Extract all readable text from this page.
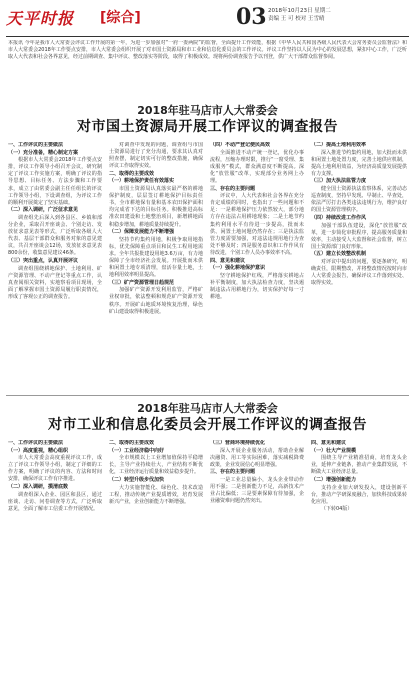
天平时报 [综合]	03 2018年10月23日 星期二
责编 王 可 校对 王雪晴
本报讯 今年是我市人大常委会评议工作开展的第一年，为进一步加强对“一府一委两院”的监督，全面提升工作效能，根据《中华人民共和国各级人民代表大会常务委员会监督法》和市人大常委会2018年工作要点安排，市人大常委会组织开展了对市国土资源局和市工业和信息化委员会的工作评议。评议工作坚持以人民为中心的发展思想，紧扣中心工作，广泛听取人大代表和社会各界意见，经过前期调查、集中评议、整改落实等阶段，取得了积极成效。现将两份调查报告予以刊登，供广大干部群众监督参阅。
2018年驻马店市人大常委会
对市国土资源局开展工作评议的调查报告

一、工作评议的主要做法

（一）充分准备，精心制定方案

根据市人大常委会2018年工作要点安排，评议工作领导小组召开会议，研究制定了评议工作实施方案，明确了评议的指导思想、目标任务、方法步骤和工作要求，成立了由常委会副主任任组长的评议工作领导小组，下设调查组，为评议工作的顺利开展奠定了坚实基础。

（二）深入调研，广泛征求意见

调查组先后深入到各县区、乡镇和部分企业，采取召开座谈会、个别走访、发放征求意见表等形式，广泛听取各级人大代表、基层干部群众和服务对象的意见建议，共召开座谈会12场，发放征求意见表800余份，收集意见建议46条。

（三）突出重点，认真开展评议

调查组围绕耕地保护、土地利用、矿产资源管理、不动产登记等重点工作，认真查阅相关资料，实地察看项目现场，全面了解掌握市国土资源局履行职责情况，形成了客观公正的调查报告。

对调查中发现的问题，调查组与市国土资源局进行了充分沟通，要求其认真对照查摆，制定切实可行的整改措施，确保评议工作取得实效。

二、取得的主要成效

（一）耕地保护责任有效落实

市国土资源局认真落实最严格的耕地保护制度，层层签订耕地保护目标责任书，全市耕地保有量和基本农田保护面积均完成省下达的目标任务。积极推进高标准农田建设和土地整治项目，新增耕地面积稳步增加，耕地质量持续提升。

（二）保障发展能力不断增强

坚持节约集约用地，积极争取用地指标，优先保障重点项目和民生工程用地需求。全年共报批建设用地3.6万亩，有力地保障了全市经济社会发展。开展批而未供和闲置土地专项清理，盘活存量土地，土地利用效率明显提高。

（三）矿产资源管理日趋规范

加强矿产资源开发利用监管，严格矿业权审批，依法整顿和规范矿产资源开发秩序。开展矿山地质环境恢复治理，绿色矿山建设取得积极进展。

（四）不动产登记便民高效

全面推进不动产统一登记，优化办事流程，压缩办理时限，推行“一窗受理、集成服务”模式，群众满意度不断提高。深化“放管服”改革，实现部分业务网上办理。

三、存在的主要问题

评议中，人大代表和社会各界在充分肯定成绩的同时，也指出了一些问题和不足：一是耕地保护压力依然较大，部分地方存在违法占用耕地现象；二是土地节约集约利用水平有待进一步提高，批而未供、闲置土地问题仍然存在；三是执法监管力度需要加强，对违法违规用地行为查处不够及时；四是服务意识和工作作风有待改进，个别工作人员办事效率不高。

四、意见和建议

（一）强化耕地保护意识

坚守耕地保护红线，严格落实耕地占补平衡制度，加大执法检查力度，坚决遏制违法占用耕地行为，切实保护好每一寸耕地。

（二）提高土地利用效率

深入推进节约集约用地，加大批而未供和闲置土地处置力度，完善土地供应机制，提高土地利用效益，为经济高质量发展提供有力支撑。

（三）加大执法监管力度

健全国土资源执法监察体系，完善动态巡查制度，坚持早发现、早制止、早查处，依法严厉打击各类违法违规行为，维护良好的国土资源管理秩序。

（四）持续改进工作作风

加强干部队伍建设，深化“放管服”改革，进一步简化审批程序，提高服务质量和效率，主动接受人大监督和社会监督，树立国土资源部门良好形象。

（五）建立长效整改机制

对评议中提出的问题，要逐条研究，明确责任，限期整改，并将整改情况按时向市人大常委会报告，确保评议工作落到实处、取得实效。

2018年驻马店市人大常委会
对市工业和信息化委员会开展工作评议的调查报告

一、工作评议的主要做法

（一）高度重视，精心组织

市人大常委会高度重视评议工作，成立了评议工作领导小组，制定了详细的工作方案，明确了评议的内容、方法和时间安排，确保评议工作有序推进。

（二）深入调研，摸清底数

调查组深入企业、园区和县区，通过座谈、走访、问卷调查等方式，广泛听取意见，全面了解市工信委工作开展情况。

二、取得的主要成效

（一）工业经济稳中向好

全市规模以上工业增加值保持平稳增长，主导产业持续壮大，产业结构不断优化，工业经济运行质量和效益稳步提升。

（二）转型升级步伐加快

大力实施智能化、绿色化、技术改造工程，推动传统产业提质增效，培育发展新兴产业，企业创新能力不断增强。

（三）营商环境持续优化

深入开展企业服务活动，帮助企业解决融资、用工等实际困难，落实减税降费政策，企业发展信心明显增强。

三、存在的主要问题

一是工业总量偏小，龙头企业带动作用不强；二是创新能力不足，高新技术产业占比偏低；三是要素保障有待加强，企业融资难问题仍然突出。

四、意见和建议

（一）壮大产业规模

围绕主导产业精准招商，培育龙头企业，延伸产业链条，推动产业集群发展，不断做大工业经济总量。

（二）增强创新能力

支持企业加大研发投入，建设创新平台，推动产学研深度融合，加快科技成果转化应用。

（下转04版）
